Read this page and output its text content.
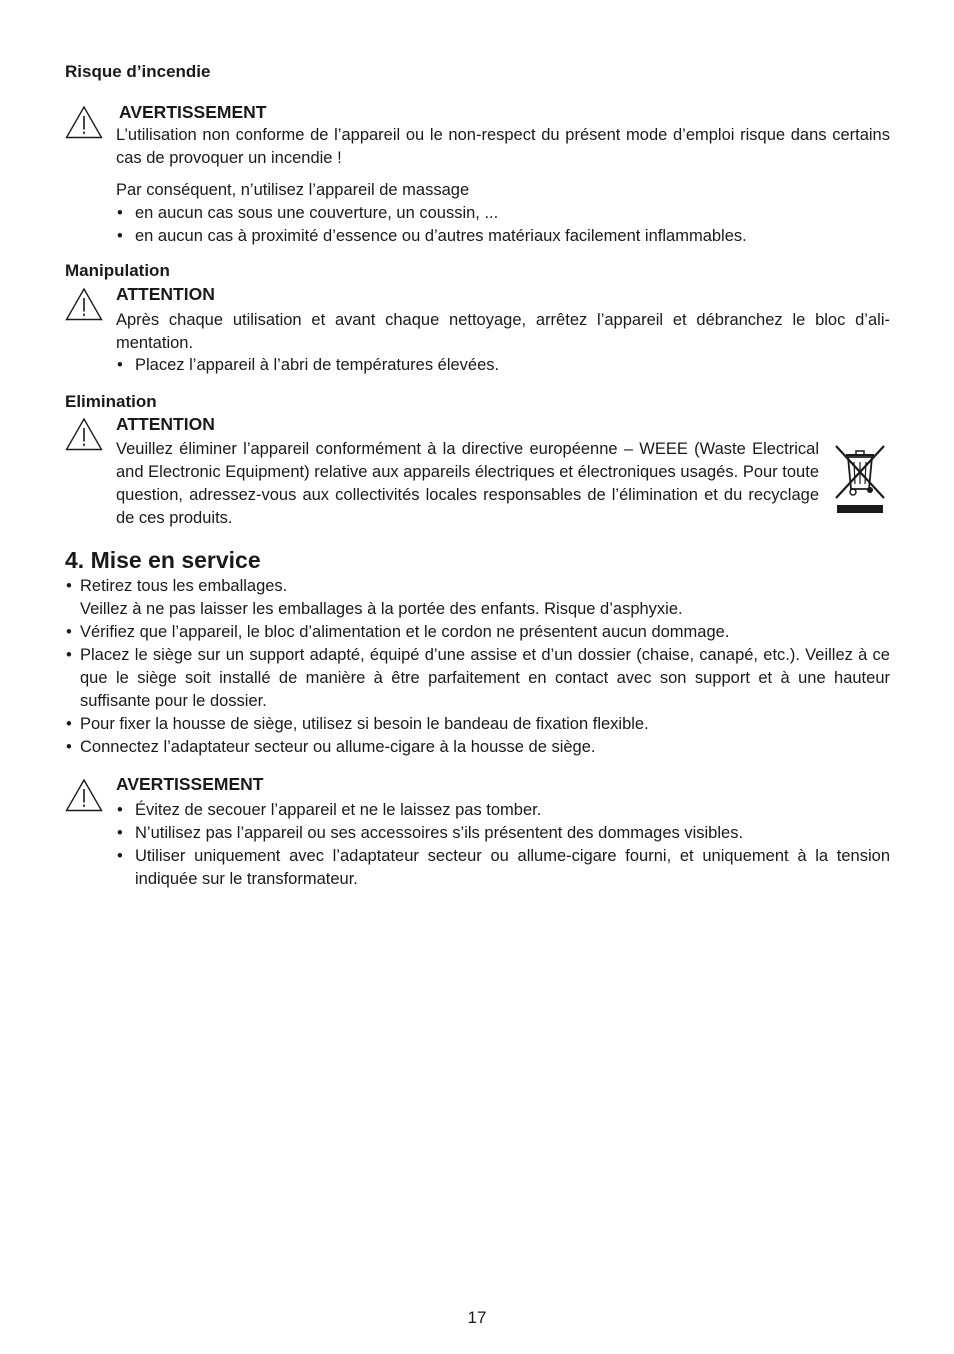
Risque d’incendie
AVERTISSEMENT
L’utilisation non conforme de l’appareil ou le non-respect du présent mode d’emploi risque dans certains cas de provoquer un incendie !
Par conséquent, n’utilisez l’appareil de massage
• en aucun cas sous une couverture, un coussin, ...
• en aucun cas à proximité d’essence ou d’autres matériaux facilement inflammables.
Manipulation
ATTENTION
Après chaque utilisation et avant chaque nettoyage, arrêtez l’appareil et débranchez le bloc d’alimentation.
• Placez l’appareil à l’abri de températures élevées.
Elimination
ATTENTION
Veuillez éliminer l’appareil conformément à la directive européenne – WEEE (Waste Electrical and Electronic Equipment) relative aux appareils électriques et électroniques usagés. Pour toute question, adressez-vous aux collectivités locales responsables de l’élimination et du recyclage de ces produits.
4. Mise en service
• Retirez tous les emballages.
Veillez à ne pas laisser les emballages à la portée des enfants. Risque d’asphyxie.
• Vérifiez que l’appareil, le bloc d’alimentation et le cordon ne présentent aucun dommage.
• Placez le siège sur un support adapté, équipé d’une assise et d’un dossier (chaise, canapé, etc.). Veillez à ce que le siège soit installé de manière à être parfaitement en contact avec son support et à une hauteur suffisante pour le dossier.
• Pour fixer la housse de siège, utilisez si besoin le bandeau de fixation flexible.
• Connectez l’adaptateur secteur ou allume-cigare à la housse de siège.
AVERTISSEMENT
• Évitez de secouer l’appareil et ne le laissez pas tomber.
• N’utilisez pas l’appareil ou ses accessoires s’ils présentent des dommages visibles.
• Utiliser uniquement avec l’adaptateur secteur ou allume-cigare fourni, et uniquement à la tension indiquée sur le transformateur.
17
